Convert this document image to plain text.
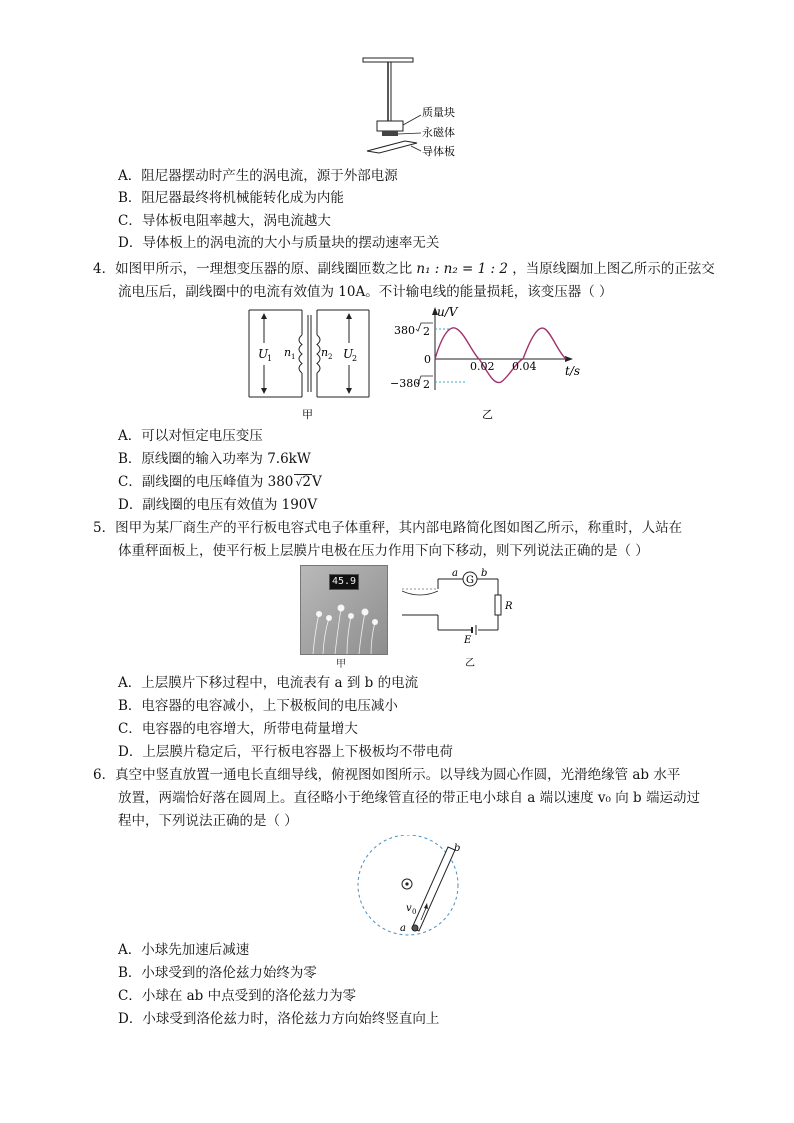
质量块
永磁体
导体板
A．阻尼器摆动时产生的涡电流，源于外部电源
B．阻尼器最终将机械能转化成为内能
C．导体板电阻率越大，涡电流越大
D．导体板上的涡电流的大小与质量块的摆动速率无关
4．如图甲所示，一理想变压器的原、副线圈匝数之比 n₁ : n₂ = 1 : 2 ，当原线圈加上图乙所示的正弦交
流电压后，副线圈中的电流有效值为 10A。不计输电线的能量损耗，该变压器（ ）
U
1 n 1 n 2 U
2
甲
u/V
t/s
380 2
0
0.02 0.04
−380 2
乙
A．可以对恒定电压变压
B．原线圈的输入功率为 7.6kW
C．副线圈的电压峰值为 380 √2V
D．副线圈的电压有效值为 190V
5．图甲为某厂商生产的平行板电容式电子体重秤，其内部电路简化图如图乙所示，称重时，人站在
体重秤面板上，使平行板上层膜片电极在压力作用下向下移动，则下列说法正确的是（ ）
45.9
甲
a b
G
R
E
乙
A．上层膜片下移过程中，电流表有 a 到 b 的电流
B．电容器的电容减小，上下极板间的电压减小
C．电容器的电容增大，所带电荷量增大
D．上层膜片稳定后，平行板电容器上下极板均不带电荷
6．真空中竖直放置一通电长直细导线，俯视图如图所示。以导线为圆心作圆，光滑绝缘管 ab 水平
放置，两端恰好落在圆周上。直径略小于绝缘管直径的带正电小球自 a 端以速度 v₀ 向 b 端运动过
程中，下列说法正确的是（ ）
b
a
v 0
A．小球先加速后减速
B．小球受到的洛伦兹力始终为零
C．小球在 ab 中点受到的洛伦兹力为零
D．小球受到洛伦兹力时，洛伦兹力方向始终竖直向上
